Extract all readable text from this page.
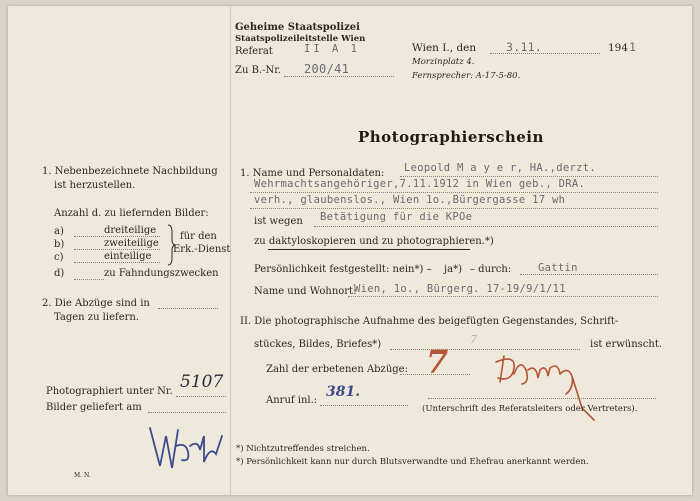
Geheime Staatspolizei
Staatspolizeileitstelle Wien
Referat	II A 1
Zu B.-Nr. 200/41
Wien I., den	3.11.	194 1
Morzinplatz 4.
Fernsprecher: A-17-5-80.
Photographierschein
1. Nebenbezeichnete Nachbildung
ist herzustellen.
Anzahl d. zu liefernden Bilder:
a)	dreiteilige
b)	zweiteilige
c)	einteilige
d)	zu Fahndungszwecken
für den
Erk.-Dienst
2. Die Abzüge sind in
Tagen zu liefern.
Photographiert unter Nr. 5107
Bilder geliefert am
M. N.
1. Name und Personaldaten: Leopold M a y e r, HA.,derzt.
Wehrmachtsangehöriger,7.11.1912 in Wien geb., DRA.
verh., glaubenslos., Wien 1o.,Bürgergasse 17 wh
ist wegen Betätigung für die KPOe
zu daktyloskopieren und zu photographieren.*)
Persönlichkeit festgestellt: nein*) – ja*) – durch:	Gattin
Name und Wohnort:
Wien, 1o., Bürgerg. 17-19/9/1/11
II. Die photographische Aufnahme des beigefügten Gegenstandes, Schrift-
stückes, Bildes, Briefes*)	7	ist erwünscht.
Zahl der erbetenen Abzüge: 7
Anruf inl.:
381.
(Unterschrift des Referatsleiters oder Vertreters).
*) Nichtzutreffendes streichen.
*) Persönlichkeit kann nur durch Blutsverwandte und Ehefrau anerkannt werden.
